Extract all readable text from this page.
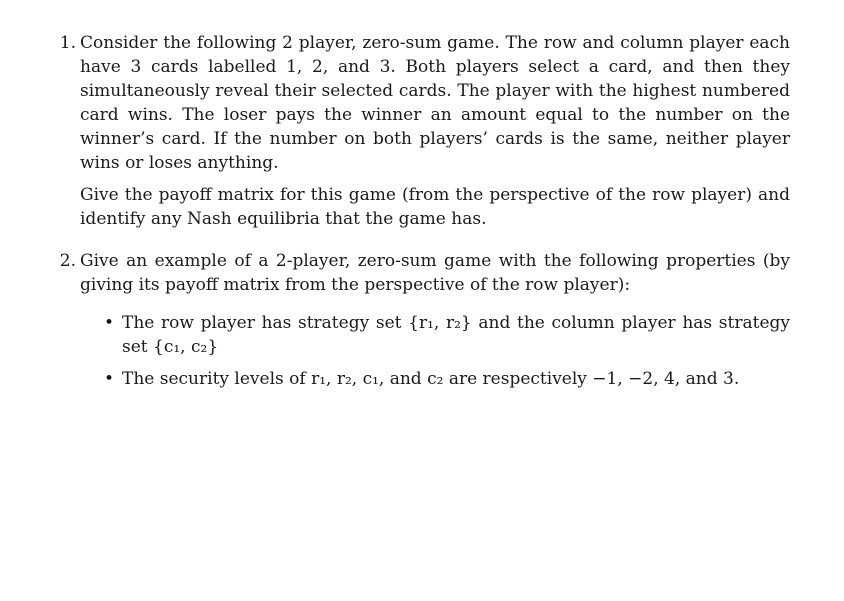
1. Consider the following 2 player, zero-sum game. The row and column player each have 3 cards labelled 1, 2, and 3. Both players select a card, and then they simultaneously reveal their selected cards. The player with the highest numbered card wins. The loser pays the winner an amount equal to the number on the winner’s card. If the number on both players’ cards is the same, neither player wins or loses anything.

Give the payoff matrix for this game (from the perspective of the row player) and identify any Nash equilibria that the game has.

2. Give an example of a 2-player, zero-sum game with the following properties (by giving its payoff matrix from the perspective of the row player):

• The row player has strategy set {r₁, r₂} and the column player has strategy set {c₁, c₂}
• The security levels of r₁, r₂, c₁, and c₂ are respectively −1, −2, 4, and 3.
